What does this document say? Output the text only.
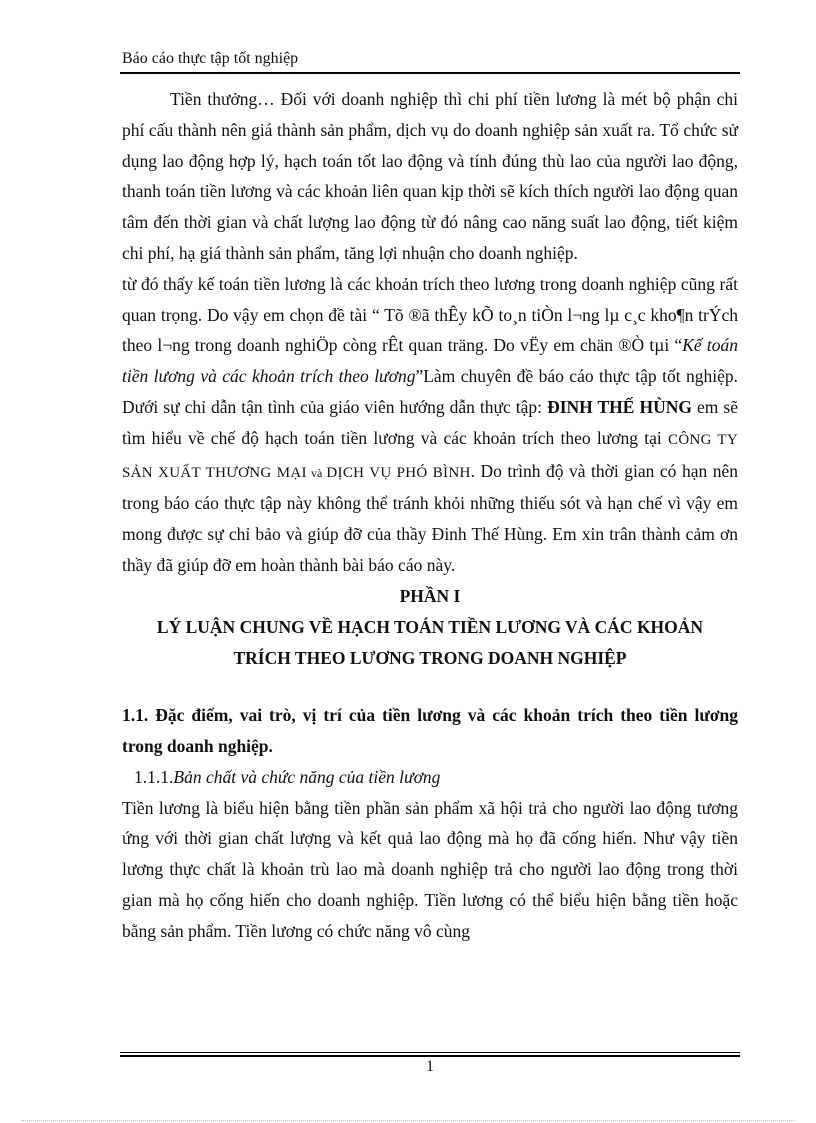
Báo cáo thực tập tốt nghiệp

Tiền thưởng… Đối với doanh nghiệp thì chi phí tiền lương là mét bộ phận chi phí cấu thành nên giá thành sản phẩm, dịch vụ do doanh nghiệp sản xuất ra. Tổ chức sử dụng lao động hợp lý, hạch toán tốt lao động và tính đúng thù lao của người lao động, thanh toán tiền lương và các khoản liên quan kịp thời sẽ kích thích người lao động quan tâm đến thời gian và chất lượng lao động từ đó nâng cao năng suất lao động, tiết kiệm chi phí, hạ giá thành sản phẩm, tăng lợi nhuận cho doanh nghiệp.

từ đó thấy kế toán tiền lương là các khoản trích theo lương trong doanh nghiệp cũng rất quan trọng. Do vậy em chọn đề tài “ Tõ ®ã thÊy kÕ to¸n tiÒn l¬ng lµ c¸c kho¶n trÝch theo l¬ng trong doanh nghiÖp còng rÊt quan träng. Do vËy em chän ®Ò tµi “Kế toán tiền lương và các khoản trích theo lương”Làm chuyên đề báo cáo thực tập tốt nghiệp. Dưới sự chỉ dẫn tận tình của giáo viên hướng dẫn thực tập: ĐINH THẾ HÙNG em sẽ tìm hiểu về chế độ hạch toán tiền lương và các khoản trích theo lương tại CÔNG TY SẢN XUẤT THƯƠNG MẠI và DỊCH VỤ PHÓ BÌNH. Do trình độ và thời gian có hạn nên trong báo cáo thực tập này không thể tránh khỏi những thiếu sót và hạn chế vì vậy em mong được sự chỉ bảo và giúp đỡ của thầy Đinh Thế Hùng. Em xin trân thành cảm ơn thầy đã giúp đỡ em hoàn thành bài báo cáo này.

PHẦN I

LÝ LUẬN CHUNG VỀ HẠCH TOÁN TIỀN LƯƠNG VÀ CÁC KHOẢN

TRÍCH THEO LƯƠNG TRONG DOANH NGHIỆP

1.1. Đặc điểm, vai trò, vị trí của tiền lương và các khoản trích theo tiền lương trong doanh nghiệp.

1.1.1.Bản chất và chức năng của tiền lương

Tiền lương là biểu hiện bằng tiền phần sản phẩm xã hội trả cho người lao động tương ứng với thời gian chất lượng và kết quả lao động mà họ đã cống hiến. Như vậy tiền lương thực chất là khoản trù lao mà doanh nghiệp trả cho người lao động trong thời gian mà họ cống hiến cho doanh nghiệp. Tiền lương có thể biểu hiện bằng tiền hoặc bằng sản phẩm. Tiền lương có chức năng vô cùng

1
